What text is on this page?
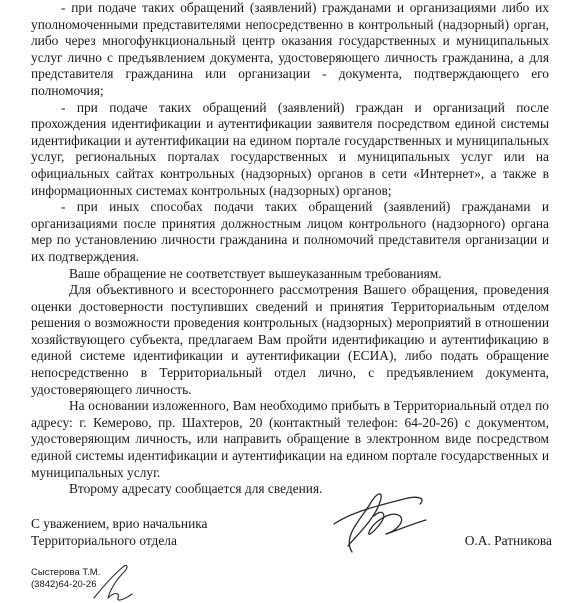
- при подаче таких обращений (заявлений) гражданами и организациями либо их уполномоченными представителями непосредственно в контрольный (надзорный) орган, либо через многофункциональный центр оказания государственных и муниципальных услуг лично с предъявлением документа, удостоверяющего личность гражданина, а для представителя гражданина или организации - документа, подтверждающего его полномочия;

- при подаче таких обращений (заявлений) граждан и организаций после прохождения идентификации и аутентификации заявителя посредством единой системы идентификации и аутентификации на едином портале государственных и муниципальных услуг, региональных порталах государственных и муниципальных услуг или на официальных сайтах контрольных (надзорных) органов в сети «Интернет», а также в информационных системах контрольных (надзорных) органов;

- при иных способах подачи таких обращений (заявлений) гражданами и организациями после принятия должностным лицом контрольного (надзорного) органа мер по установлению личности гражданина и полномочий представителя организации и их подтверждения.

Ваше обращение не соответствует вышеуказанным требованиям.

Для объективного и всестороннего рассмотрения Вашего обращения, проведения оценки достоверности поступивших сведений и принятия Территориальным отделом решения о возможности проведения контрольных (надзорных) мероприятий в отношении хозяйствующего субъекта, предлагаем Вам пройти идентификацию и аутентификацию в единой системе идентификации и аутентификации (ЕСИА), либо подать обращение непосредственно в Территориальный отдел лично, с предъявлением документа, удостоверяющего личность.

На основании изложенного, Вам необходимо прибыть в Территориальный отдел по адресу: г. Кемерово, пр. Шахтеров, 20 (контактный телефон: 64-20-26) с документом, удостоверяющим личность, или направить обращение в электронном виде посредством единой системы идентификации и аутентификации на едином портале государственных и муниципальных услуг.

Второму адресату сообщается для сведения.

С уважением, врио начальника
Территориального отдела	О.А. Ратникова
Сыстерова Т.М.
(3842)64-20-26
